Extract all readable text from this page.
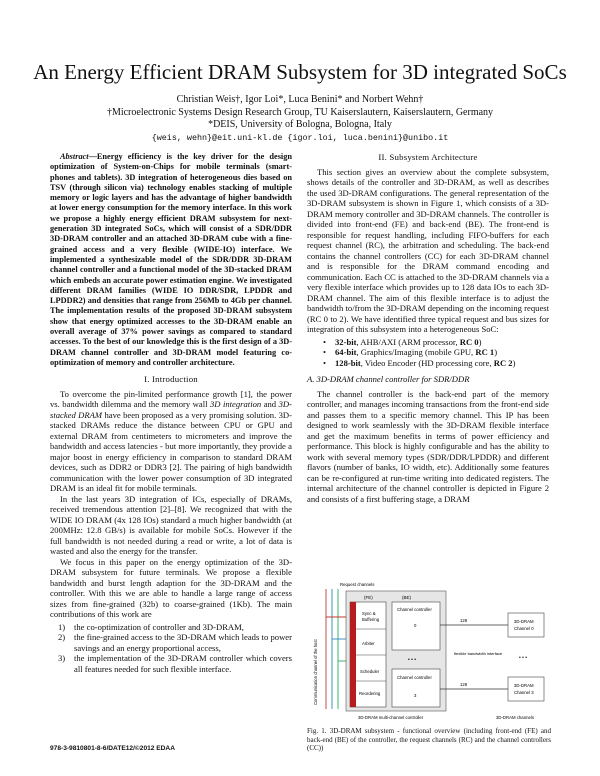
An Energy Efficient DRAM Subsystem for 3D integrated SoCs
Christian Weis†, Igor Loi*, Luca Benini* and Norbert Wehn†
†Microelectronic Systems Design Research Group, TU Kaiserslautern, Kaiserslautern, Germany
*DEIS, University of Bologna, Bologna, Italy
{weis, wehn}@eit.uni-kl.de {igor.loi, luca.benini}@unibo.it
Abstract—Energy efficiency is the key driver for the design optimization of System-on-Chips for mobile terminals (smart-phones and tablets). 3D integration of heterogeneous dies based on TSV (through silicon via) technology enables stacking of multiple memory or logic layers and has the advantage of higher bandwidth at lower energy consumption for the memory interface. In this work we propose a highly energy efficient DRAM subsystem for next-generation 3D integrated SoCs, which will consist of a SDR/DDR 3D-DRAM controller and an attached 3D-DRAM cube with a fine-grained access and a very flexible (WIDE-IO) interface. We implemented a synthesizable model of the SDR/DDR 3D-DRAM channel controller and a functional model of the 3D-stacked DRAM which embeds an accurate power estimation engine. We investigated different DRAM families (WIDE IO DDR/SDR, LPDDR and LPDDR2) and densities that range from 256Mb to 4Gb per channel. The implementation results of the proposed 3D-DRAM subsystem show that energy optimized accesses to the 3D-DRAM enable an overall average of 37% power savings as compared to standard accesses. To the best of our knowledge this is the first design of a 3D-DRAM channel controller and 3D-DRAM model featuring co-optimization of memory and controller architecture.
I. Introduction

To overcome the pin-limited performance growth [1], the power vs. bandwidth dilemma and the memory wall 3D integration and 3D-stacked DRAM have been proposed as a very promising solution. 3D-stacked DRAMs reduce the distance between CPU or GPU and external DRAM from centimeters to micrometers and improve the bandwidth and access latencies - but more importantly, they provide a major boost in energy efficiency in comparison to standard DRAM devices, such as DDR2 or DDR3 [2]. The pairing of high bandwidth communication with the lower power consumption of 3D integrated DRAM is an ideal fit for mobile terminals.

In the last years 3D integration of ICs, especially of DRAMs, received tremendous attention [2]–[8]. We recognized that with the WIDE IO DRAM (4x 128 IOs) standard a much higher bandwidth (at 200MHz: 12.8 GB/s) is available for mobile SoCs. However if the full bandwidth is not needed during a read or write, a lot of data is wasted and also the energy for the transfer.

We focus in this paper on the energy optimization of the 3D-DRAM subsystem for future terminals. We propose a flexible bandwidth and burst length adaption for the 3D-DRAM and the controller. With this we are able to handle a large range of access sizes from fine-grained (32b) to coarse-grained (1Kb). The main contributions of this work are

1) the co-optimization of controller and 3D-DRAM,
2) the fine-grained access to the 3D-DRAM which leads to power savings and an energy proportional access,
3) the implementation of the 3D-DRAM controller which covers all features needed for such flexible interface.
II. Subsystem Architecture

This section gives an overview about the complete subsystem, shows details of the controller and 3D-DRAM, as well as describes the used 3D-DRAM configurations. The general representation of the 3D-DRAM subsystem is shown in Figure 1, which consists of a 3D-DRAM memory controller and 3D-DRAM channels. The controller is divided into front-end (FE) and back-end (BE). The front-end is responsible for request handling, including FIFO-buffers for each request channel (RC), the arbitration and scheduling. The back-end contains the channel controllers (CC) for each 3D-DRAM channel and is responsible for the DRAM command encoding and communication. Each CC is attached to the 3D-DRAM channels via a very flexible interface which provides up to 128 data IOs to each 3D-DRAM channel. The aim of this flexible interface is to adjust the bandwidth to/from the 3D-DRAM depending on the incoming request (RC 0 to 2). We have identified three typical request and bus sizes for integration of this subsystem into a heterogeneous SoC:

• 32-bit, AHB/AXI (ARM processor, RC 0)
• 64-bit, Graphics/Imaging (mobile GPU, RC 1)
• 128-bit, Video Encoder (HD processing core, RC 2)
A. 3D-DRAM channel controller for SDR/DDR

The channel controller is the back-end part of the memory controller, and manages incoming transactions from the front-end side and passes them to a specific memory channel. This IP has been designed to work seamlessly with the 3D-DRAM flexible interface and get the maximum benefits in terms of power efficiency and performance. This block is highly configurable and has the ability to work with several memory types (SDR/DDR/LPDDR) and different flavors (number of banks, IO width, etc). Additionally some features can be re-configured at run-time writing into dedicated registers. The internal architecture of the channel controller is depicted in Figure 2 and consists of a first buffering stage, a DRAM

Communication channel of the host
Request channels
(FE)	(BE)
Sync &
Buffering
Arbiter
Scheduler
Reordering
Channel controller
0
• • •
Channel controller
3
128
128
flexible bandwidth interface
3D-DRAM
Channel 0
• • •
3D-DRAM
Channel 3
3D-DRAM multi-channel controller	3D-DRAM channels
Fig. 1. 3D-DRAM subsystem - functional overview (including front-end (FE) and back-end (BE) of the controller, the request channels (RC) and the channel controllers (CC))
978-3-9810801-8-6/DATE12/©2012 EDAA
